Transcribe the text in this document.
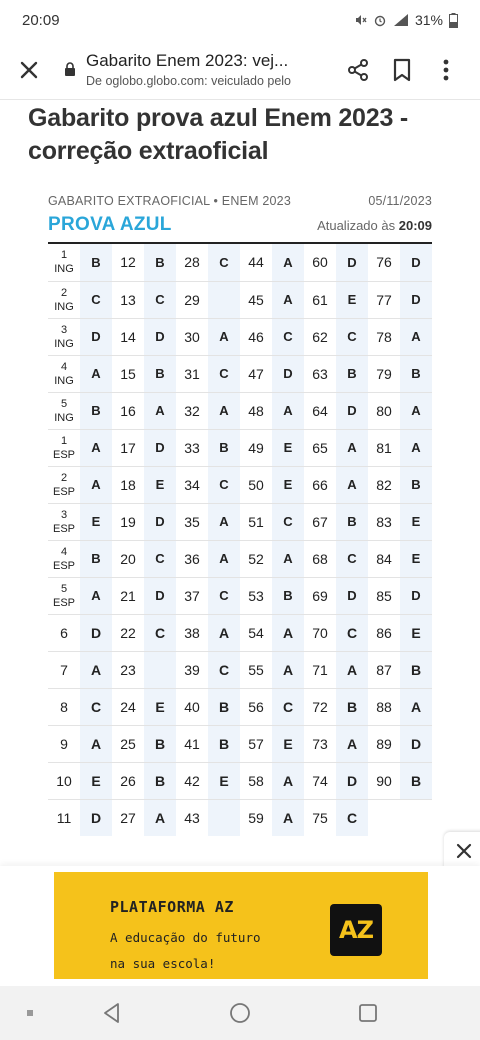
20:09	31%
Gabarito Enem 2023: vej...
De oglobo.globo.com: veiculado pelo
Gabarito prova azul Enem 2023 - correção extraoficial
GABARITO EXTRAOFICIAL • ENEM 2023	05/11/2023
PROVA AZUL	Atualizado às 20:09
1
ING	B	12	B	28	C	44	A	60	D	76	D

2
ING	C	13	C	29		45	A	61	E	77	D

3
ING	D	14	D	30	A	46	C	62	C	78	A

4
ING	A	15	B	31	C	47	D	63	B	79	B

5
ING	B	16	A	32	A	48	A	64	D	80	A

1
ESP	A	17	D	33	B	49	E	65	A	81	A

2
ESP	A	18	E	34	C	50	E	66	A	82	B

3
ESP	E	19	D	35	A	51	C	67	B	83	E

4
ESP	B	20	C	36	A	52	A	68	C	84	E

5
ESP	A	21	D	37	C	53	B	69	D	85	D
6	D	22	C	38	A	54	A	70	C	86	E
7	A	23		39	C	55	A	71	A	87	B
8	C	24	E	40	B	56	C	72	B	88	A
9	A	25	B	41	B	57	E	73	A	89	D
10	E	26	B	42	E	58	A	74	D	90	B
11	D	27	A	43		59	A	75	C		
PLATAFORMA AZ
A educação do futuro
na sua escola!
AZ
